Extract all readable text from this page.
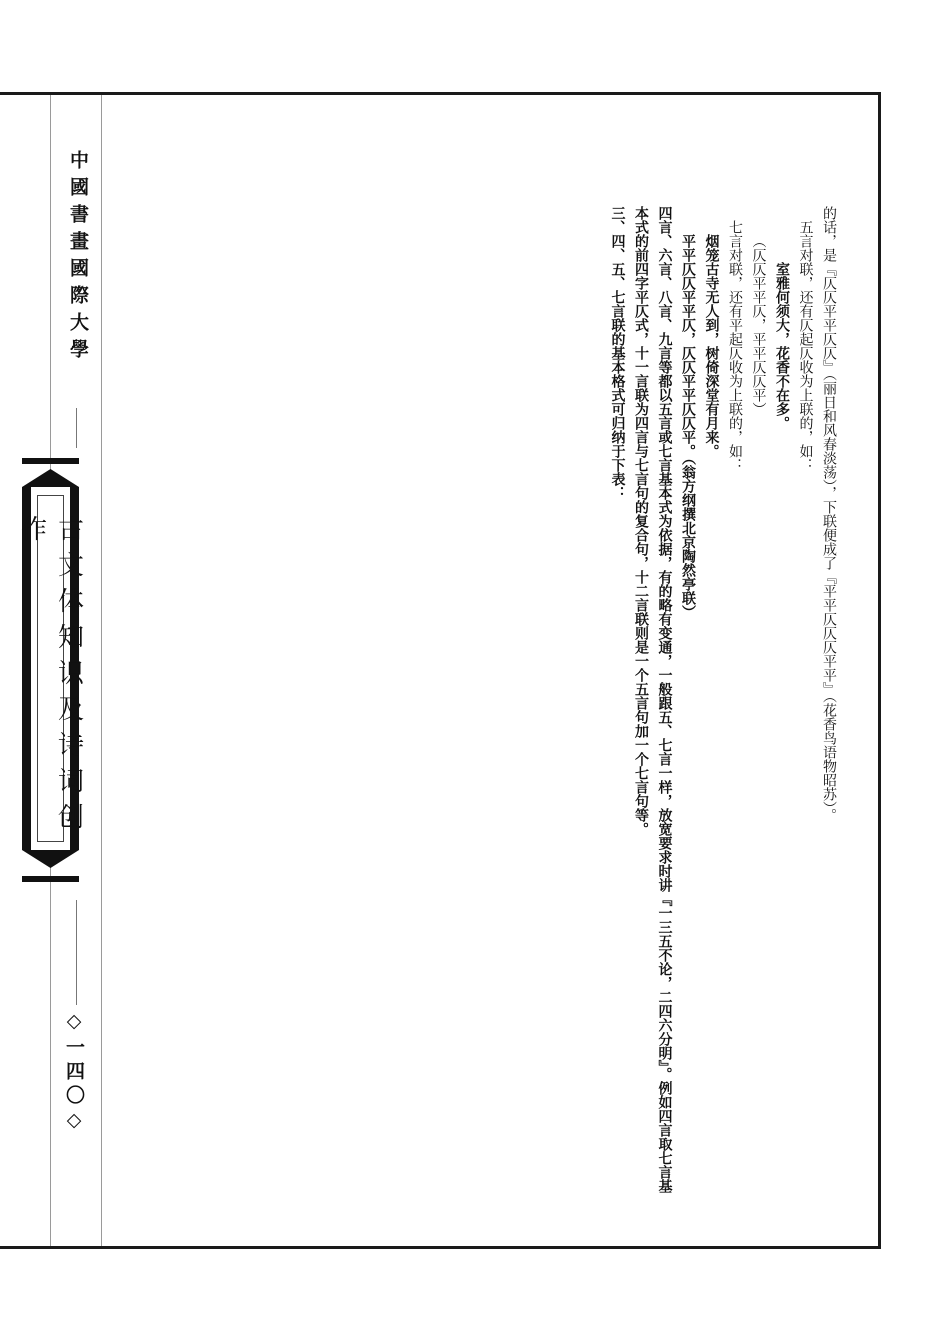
中國書畫國際大學
古文体知识及诗词创作
◇一四〇◇

的话，是『仄仄平平仄仄』（丽日和风春淡荡），下联便成了『平平仄仄仄平平』（花香鸟语物昭苏）。

五言对联，还有仄起仄收为上联的，如：

室雅何须大，花香不在多。

（仄仄平平仄，平平仄仄平）

七言对联，还有平起仄收为上联的，如：

烟笼古寺无人到，树倚深堂有月来。

平平仄仄平平仄，仄仄平平仄仄平。（翁方纲撰北京陶然亭联）

四言、六言、八言、九言等都以五言或七言基本式为依据，有的略有变通，一般跟五、七言一样，放宽要求时讲『一三五不论，二四六分明』。例如四言取七言基本式的前四字平仄式，十一言联为四言与七言句的复合句，十二言联则是一个五言句加一个七言句等。

三、四、五、七言联的基本格式可归纳于下表：
